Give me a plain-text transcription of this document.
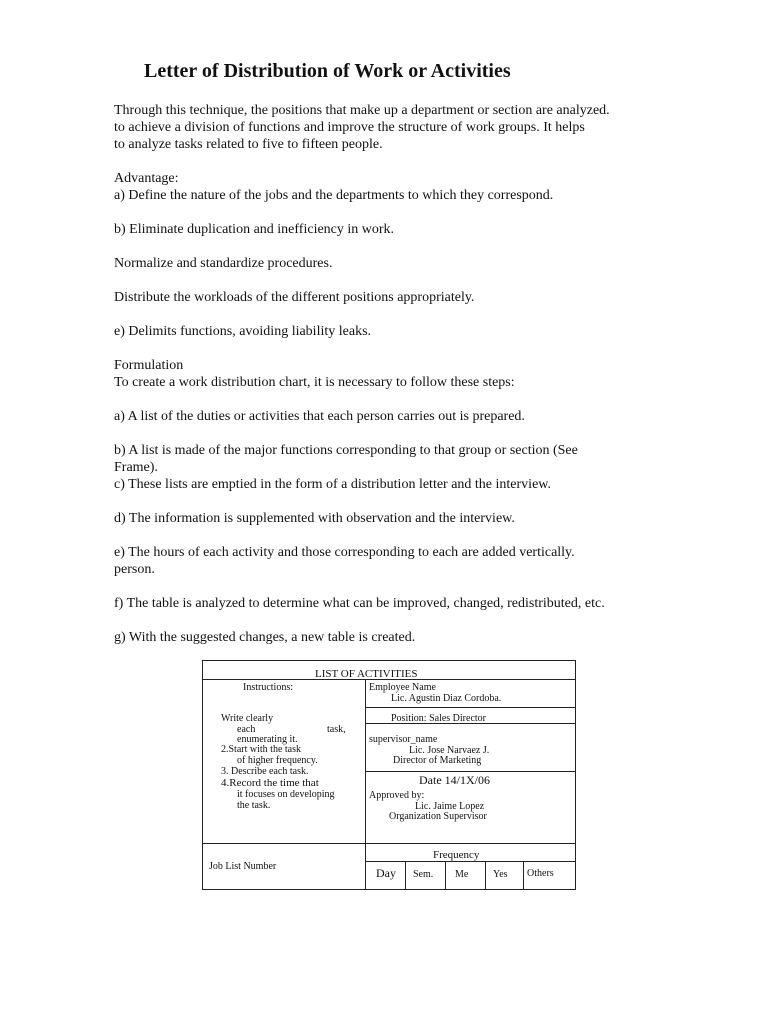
Letter of Distribution of Work or Activities

Through this technique, the positions that make up a department or section are analyzed.

to achieve a division of functions and improve the structure of work groups. It helps

to analyze tasks related to five to fifteen people.

Advantage:

a) Define the nature of the jobs and the departments to which they correspond.

b) Eliminate duplication and inefficiency in work.

Normalize and standardize procedures.

Distribute the workloads of the different positions appropriately.

e) Delimits functions, avoiding liability leaks.

Formulation

To create a work distribution chart, it is necessary to follow these steps:

a) A list of the duties or activities that each person carries out is prepared.

b) A list is made of the major functions corresponding to that group or section (See

Frame).

c) These lists are emptied in the form of a distribution letter and the interview.

d) The information is supplemented with observation and the interview.

e) The hours of each activity and those corresponding to each are added vertically.

person.

f) The table is analyzed to determine what can be improved, changed, redistributed, etc.

g) With the suggested changes, a new table is created.

LIST OF ACTIVITIES
Instructions:
Write clearly
each	task,
enumerating it.
2.Start with the task
of higher frequency.
3. Describe each task.
4.Record the time that
it focuses on developing
the task.
Employee Name
Lic. Agustin Diaz Cordoba.
Position: Sales Director
supervisor_name
Lic. Jose Narvaez J.
Director of Marketing
Date 14/1X/06
Approved by:
Lic. Jaime Lopez
Organization Supervisor
Job List Number
Frequency
Day Sem. Me Yes Others
